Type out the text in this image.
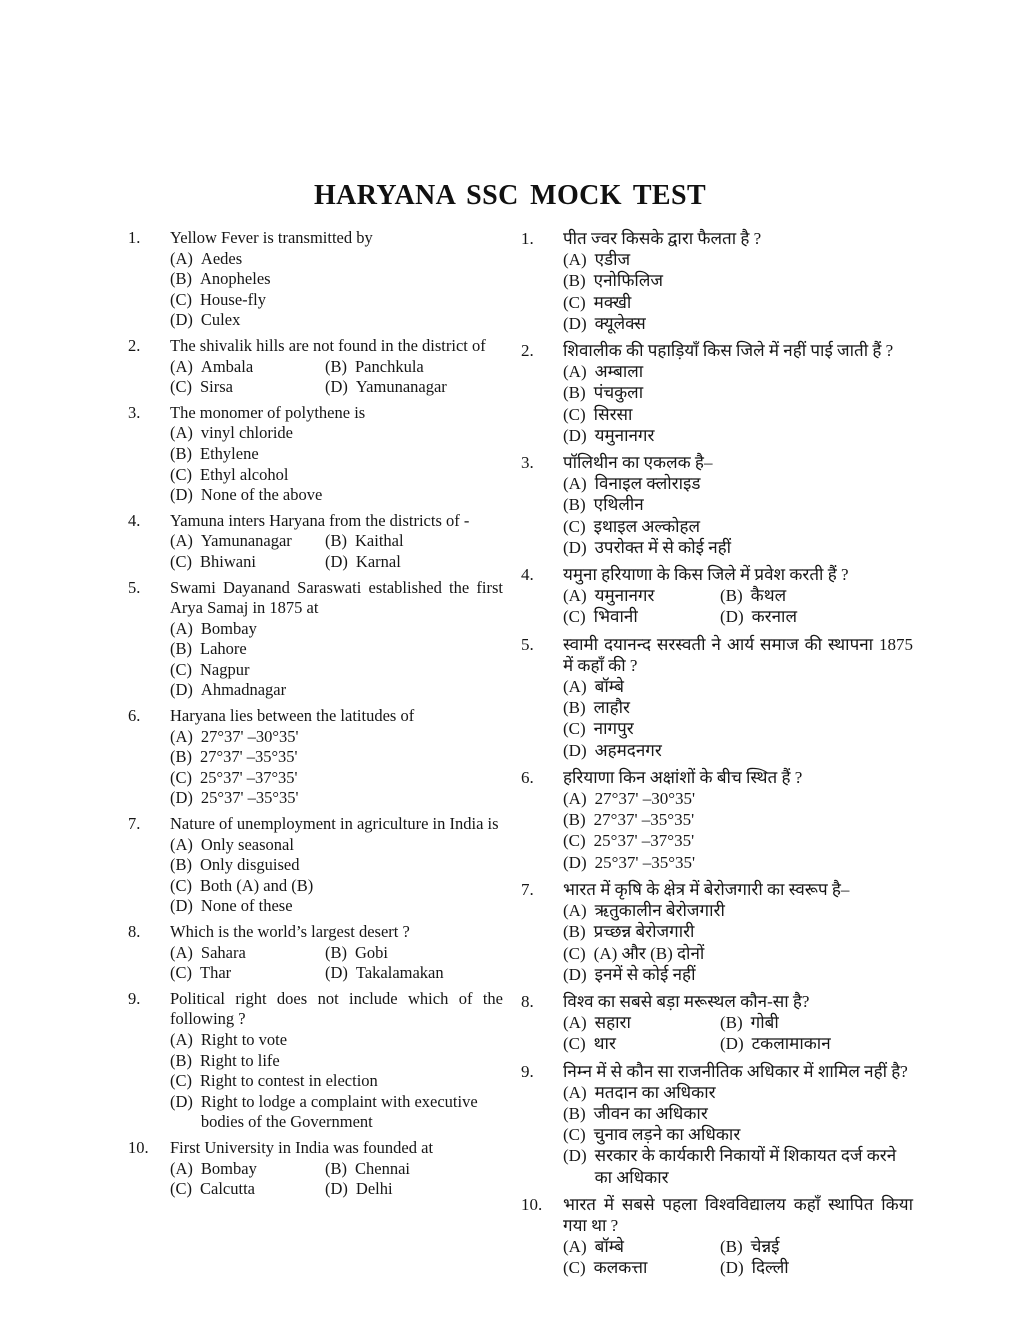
HARYANA SSC MOCK TEST
1.	Yellow Fever is transmitted by
(A) Aedes
(B) Anopheles
(C) House-fly
(D) Culex
2.	The shivalik hills are not found in the district of
(A) Ambala	(B) Panchkula
(C) Sirsa	(D) Yamunanagar
3.	The monomer of polythene is
(A) vinyl chloride
(B) Ethylene
(C) Ethyl alcohol
(D) None of the above
4.	Yamuna inters Haryana from the districts of -
(A) Yamunanagar (B) Kaithal
(C) Bhiwani	(D) Karnal
5.	Swami Dayanand Saraswati established the first Arya Samaj in 1875 at
(A) Bombay
(B) Lahore
(C) Nagpur
(D) Ahmadnagar
6.	Haryana lies between the latitudes of
(A) 27°37' –30°35'
(B) 27°37' –35°35'
(C) 25°37' –37°35'
(D) 25°37' –35°35'
7.	Nature of unemployment in agriculture in India is
(A) Only seasonal
(B) Only disguised
(C) Both (A) and (B)
(D) None of these
8.	Which is the world’s largest desert ?
(A) Sahara	(B) Gobi
(C) Thar	(D) Takalamakan
9.	Political right does not include which of the following ?
(A) Right to vote
(B) Right to life
(C) Right to contest in election
(D) Right to lodge a complaint with executive bodies of the Government
10.	First University in India was founded at
(A) Bombay	(B) Chennai
(C) Calcutta	(D) Delhi
1.	पीत ज्वर किसके द्वारा फैलता है ?
(A) एडीज
(B) एनोफिलिज
(C) मक्खी
(D) क्यूलेक्स
2.	शिवालीक की पहाड़ियाँ किस जिले में नहीं पाई जाती हैं ?
(A) अम्बाला
(B) पंचकुला
(C) सिरसा
(D) यमुनानगर
3.	पॉलिथीन का एकलक है–
(A) विनाइल क्लोराइड
(B) एथिलीन
(C) इथाइल अल्कोहल
(D) उपरोक्त में से कोई नहीं
4.	यमुना हरियाणा के किस जिले में प्रवेश करती हैं ?
(A) यमुनानगर	(B) कैथल
(C) भिवानी	(D) करनाल
5.	स्वामी दयानन्द सरस्वती ने आर्य समाज की स्थापना 1875 में कहाँ की ?
(A) बॉम्बे
(B) लाहौर
(C) नागपुर
(D) अहमदनगर
6.	हरियाणा किन अक्षांशों के बीच स्थित हैं ?
(A) 27°37' –30°35'
(B) 27°37' –35°35'
(C) 25°37' –37°35'
(D) 25°37' –35°35'
7.	भारत में कृषि के क्षेत्र में बेरोजगारी का स्वरूप है–
(A) ऋतुकालीन बेरोजगारी
(B) प्रच्छन्न बेरोजगारी
(C) (A) और (B) दोनों
(D) इनमें से कोई नहीं
8.	विश्व का सबसे बड़ा मरूस्थल कौन-सा है?
(A) सहारा	(B) गोबी
(C) थार	(D) टकलामाकान
9.	निम्न में से कौन सा राजनीतिक अधिकार में शामिल नहीं है?
(A) मतदान का अधिकार
(B) जीवन का अधिकार
(C) चुनाव लड़ने का अधिकार
(D) सरकार के कार्यकारी निकायों में शिकायत दर्ज करने का अधिकार
10.	भारत में सबसे पहला विश्वविद्यालय कहाँ स्थापित किया गया था ?
(A) बॉम्बे	(B) चेन्नई
(C) कलकत्ता	(D) दिल्ली
